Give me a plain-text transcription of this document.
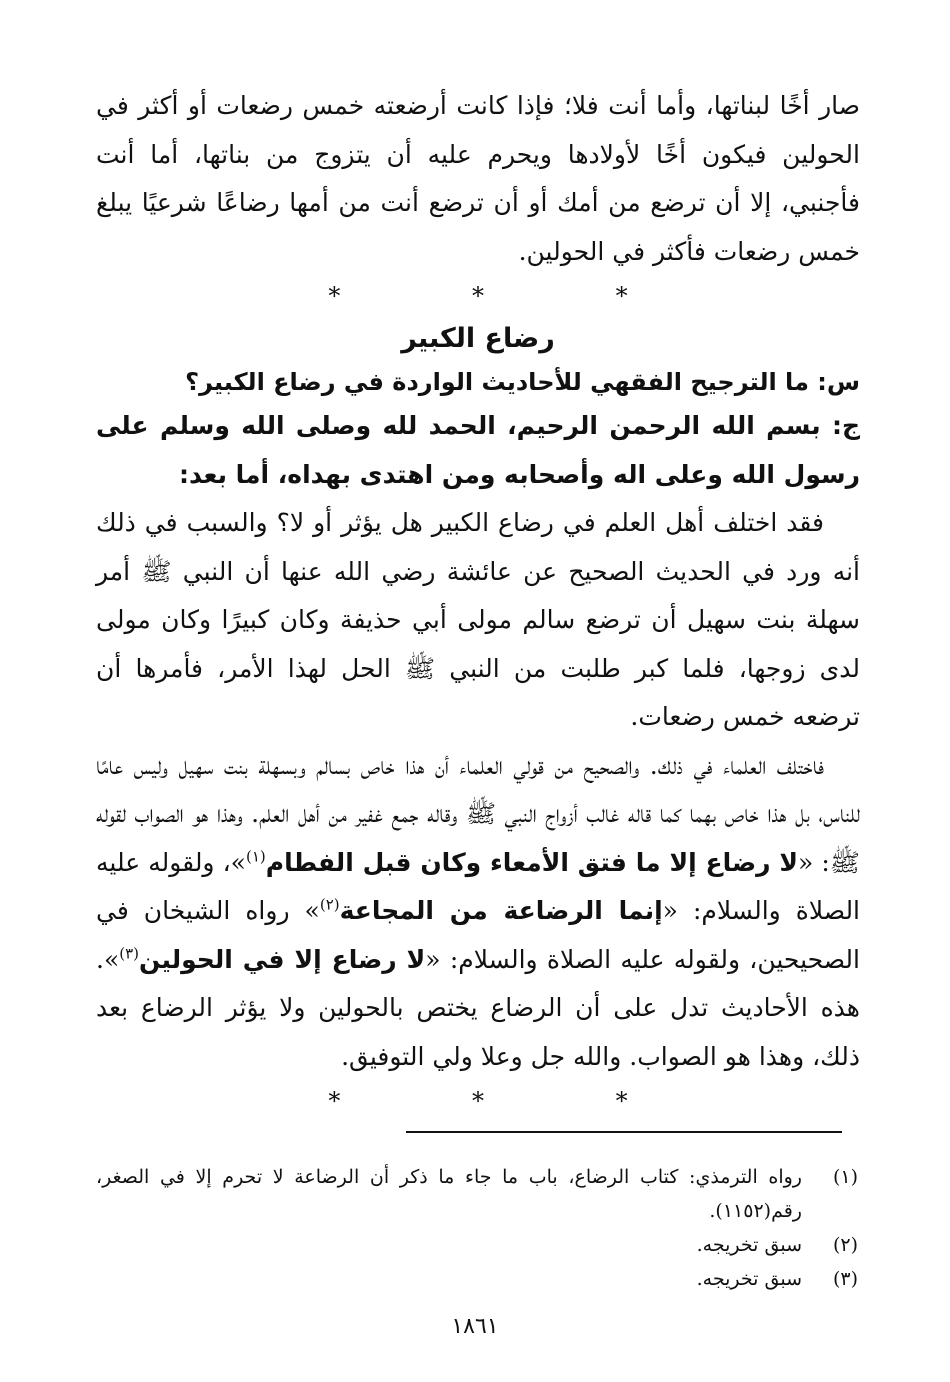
صار أخًا لبناتها، وأما أنت فلا؛ فإذا كانت أرضعته خمس رضعات أو أكثر في الحولين فيكون أخًا لأولادها ويحرم عليه أن يتزوج من بناتها، أما أنت فأجنبي، إلا أن ترضع من أمك أو أن ترضع أنت من أمها رضاعًا شرعيًا يبلغ خمس رضعات فأكثر في الحولين.

* * *
رضاع الكبير
س: ما الترجيح الفقهي للأحاديث الواردة في رضاع الكبير؟

ج: بسم الله الرحمن الرحيم، الحمد لله وصلى الله وسلم على رسول الله وعلى اله وأصحابه ومن اهتدى بهداه، أما بعد:

فقد اختلف أهل العلم في رضاع الكبير هل يؤثر أو لا؟ والسبب في ذلك أنه ورد في الحديث الصحيح عن عائشة رضي الله عنها أن النبي ﷺ أمر سهلة بنت سهيل أن ترضع سالم مولى أبي حذيفة وكان كبيرًا وكان مولى لدى زوجها، فلما كبر طلبت من النبي ﷺ الحل لهذا الأمر، فأمرها أن ترضعه خمس رضعات.

فاختلف العلماء في ذلك. والصحيح من قولي العلماء أن هذا خاص بسالم وبسهلة بنت سهيل وليس عامًا للناس، بل هذا خاص بهما كما قاله غالب أزواج النبي ﷺ وقاله جمع غفير من أهل العلم. وهذا هو الصواب لقوله ﷺ: «لا رضاع إلا ما فتق الأمعاء وكان قبل الفطام$^{(١)}$»، ولقوله عليه الصلاة والسلام: «إنما الرضاعة من المجاعة$^{(٢)}$» رواه الشيخان في الصحيحين، ولقوله عليه الصلاة والسلام: «لا رضاع إلا في الحولين$^{(٣)}$». هذه الأحاديث تدل على أن الرضاع يختص بالحولين ولا يؤثر الرضاع بعد ذلك، وهذا هو الصواب. والله جل وعلا ولي التوفيق.

* * *
(١)
رواه الترمذي: كتاب الرضاع، باب ما جاء ما ذكر أن الرضاعة لا تحرم إلا في الصغر، رقم(١١٥٢).
(٢)
سبق تخريجه.
(٣)
سبق تخريجه.
١٨٦١
